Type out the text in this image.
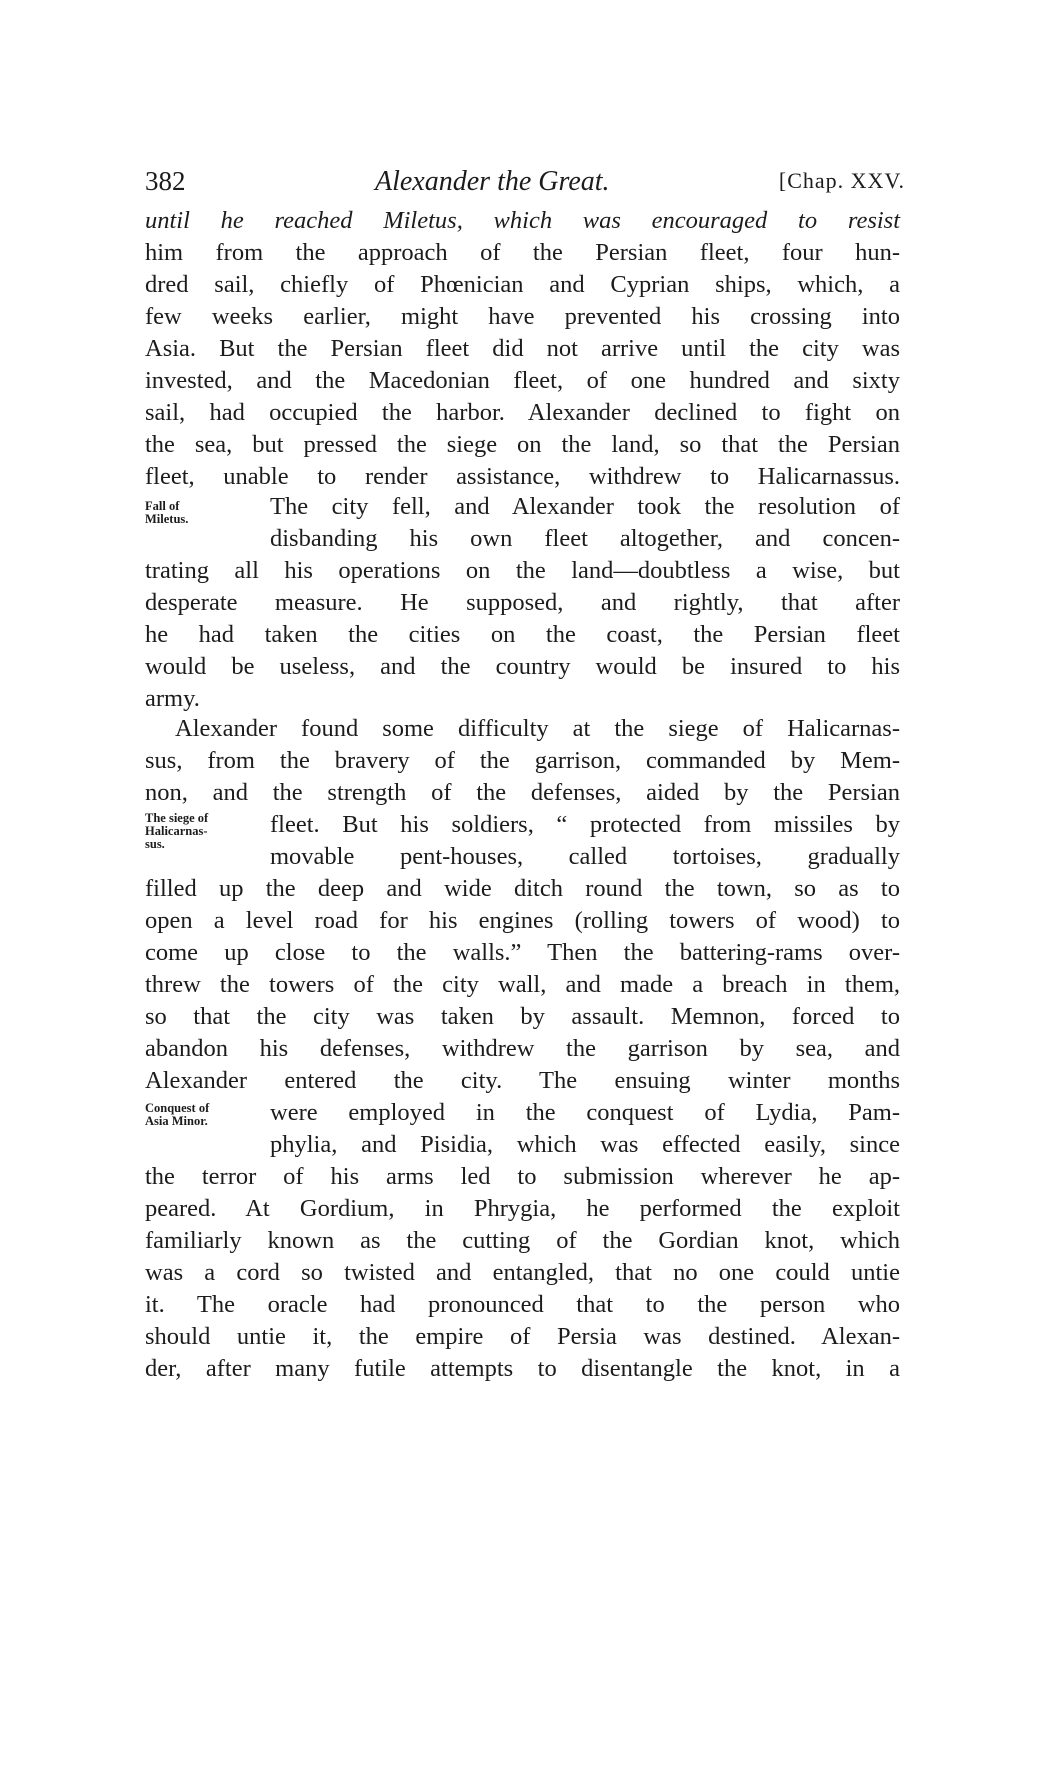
382	Alexander the Great.	[Chap. XXV.
until he reached Miletus, which was encouraged to resist
him from the approach of the Persian fleet, four hun-
dred sail, chiefly of Phœnician and Cyprian ships, which, a
few weeks earlier, might have prevented his crossing into
Asia. But the Persian fleet did not arrive until the city was
invested, and the Macedonian fleet, of one hundred and sixty
sail, had occupied the harbor. Alexander declined to fight on
the sea, but pressed the siege on the land, so that the Persian
fleet, unable to render assistance, withdrew to Halicarnassus.
Fall of
Miletus.	The city fell, and Alexander took the resolution of
disbanding his own fleet altogether, and concen-
trating all his operations on the land—doubtless a wise, but
desperate measure. He supposed, and rightly, that after
he had taken the cities on the coast, the Persian fleet
would be useless, and the country would be insured to his
army.
Alexander found some difficulty at the siege of Halicarnas-
sus, from the bravery of the garrison, commanded by Mem-
non, and the strength of the defenses, aided by the Persian
The siege of
Halicarnas-
sus.
fleet. But his soldiers, “ protected from missiles by
movable pent-houses, called tortoises, gradually
filled up the deep and wide ditch round the town, so as to
open a level road for his engines (rolling towers of wood) to
come up close to the walls.” Then the battering-rams over-
threw the towers of the city wall, and made a breach in them,
so that the city was taken by assault. Memnon, forced to
abandon his defenses, withdrew the garrison by sea, and
Alexander entered the city. The ensuing winter months
Conquest of
Asia Minor.	were employed in the conquest of Lydia, Pam-
phylia, and Pisidia, which was effected easily, since
the terror of his arms led to submission wherever he ap-
peared. At Gordium, in Phrygia, he performed the exploit
familiarly known as the cutting of the Gordian knot, which
was a cord so twisted and entangled, that no one could untie
it. The oracle had pronounced that to the person who
should untie it, the empire of Persia was destined. Alexan-
der, after many futile attempts to disentangle the knot, in a
